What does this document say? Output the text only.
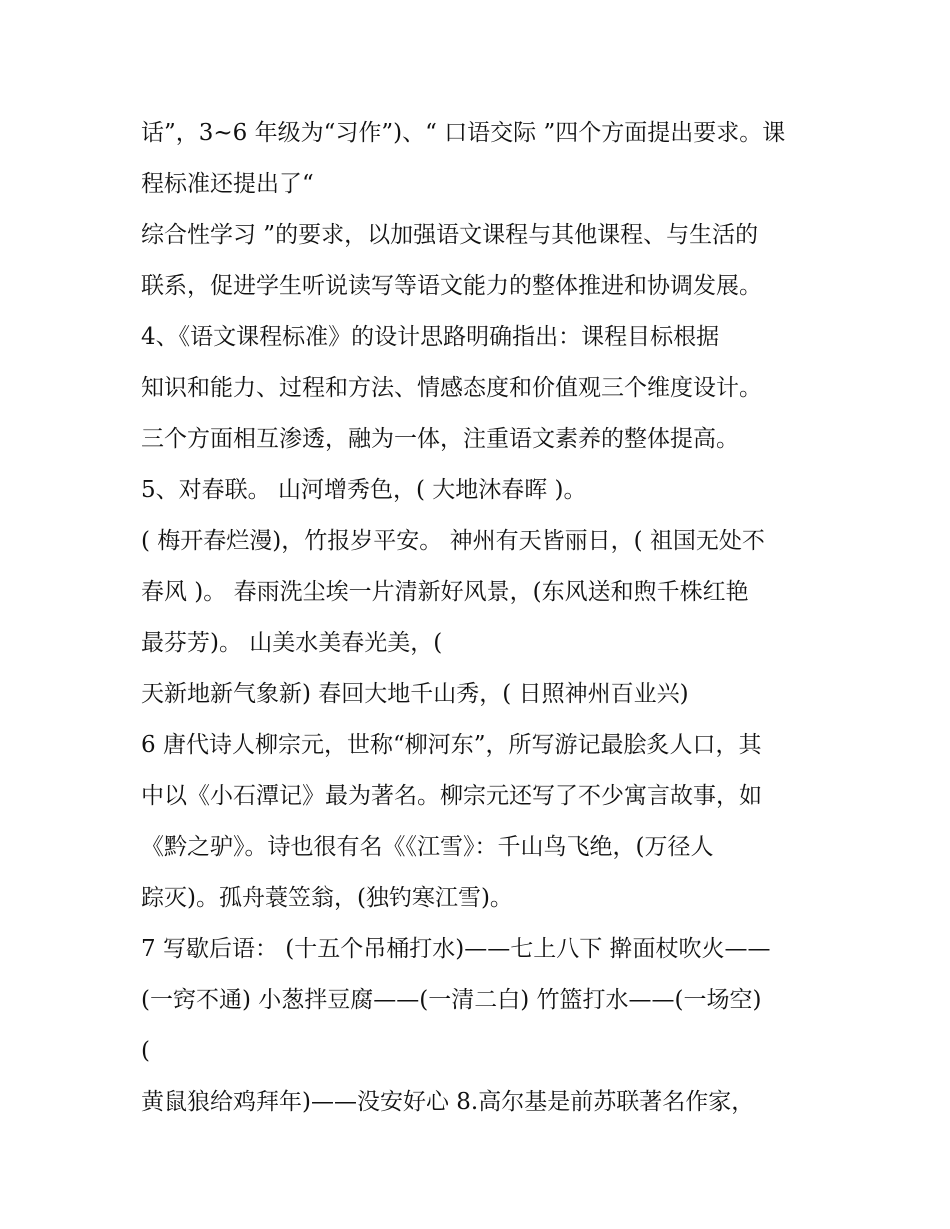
话”，3~6 年级为“习作”)、“ 口语交际 ”四个方面提出要求。课
程标准还提出了“
综合性学习 ”的要求，以加强语文课程与其他课程、与生活的
联系，促进学生听说读写等语文能力的整体推进和协调发展。
4、《语文课程标准》的设计思路明确指出：课程目标根据
知识和能力、过程和方法、情感态度和价值观三个维度设计。
三个方面相互渗透，融为一体，注重语文素养的整体提高。
5、对春联。 山河增秀色，( 大地沐春晖 )。
( 梅开春烂漫)，竹报岁平安。 神州有天皆丽日，( 祖国无处不
春风 )。 春雨洗尘埃一片清新好风景，(东风送和煦千株红艳
最芬芳)。 山美水美春光美，(
天新地新气象新) 春回大地千山秀，( 日照神州百业兴)
6 唐代诗人柳宗元，世称“柳河东”，所写游记最脍炙人口，其
中以《小石潭记》最为著名。柳宗元还写了不少寓言故事，如
《黔之驴》。诗也很有名《《江雪》：千山鸟飞绝，(万径人
踪灭)。孤舟蓑笠翁，(独钓寒江雪)。
7 写歇后语： (十五个吊桶打水)——七上八下 擀面杖吹火——
(一窍不通) 小葱拌豆腐——(一清二白) 竹篮打水——(一场空)
(
黄鼠狼给鸡拜年)——没安好心 8.高尔基是前苏联著名作家，
